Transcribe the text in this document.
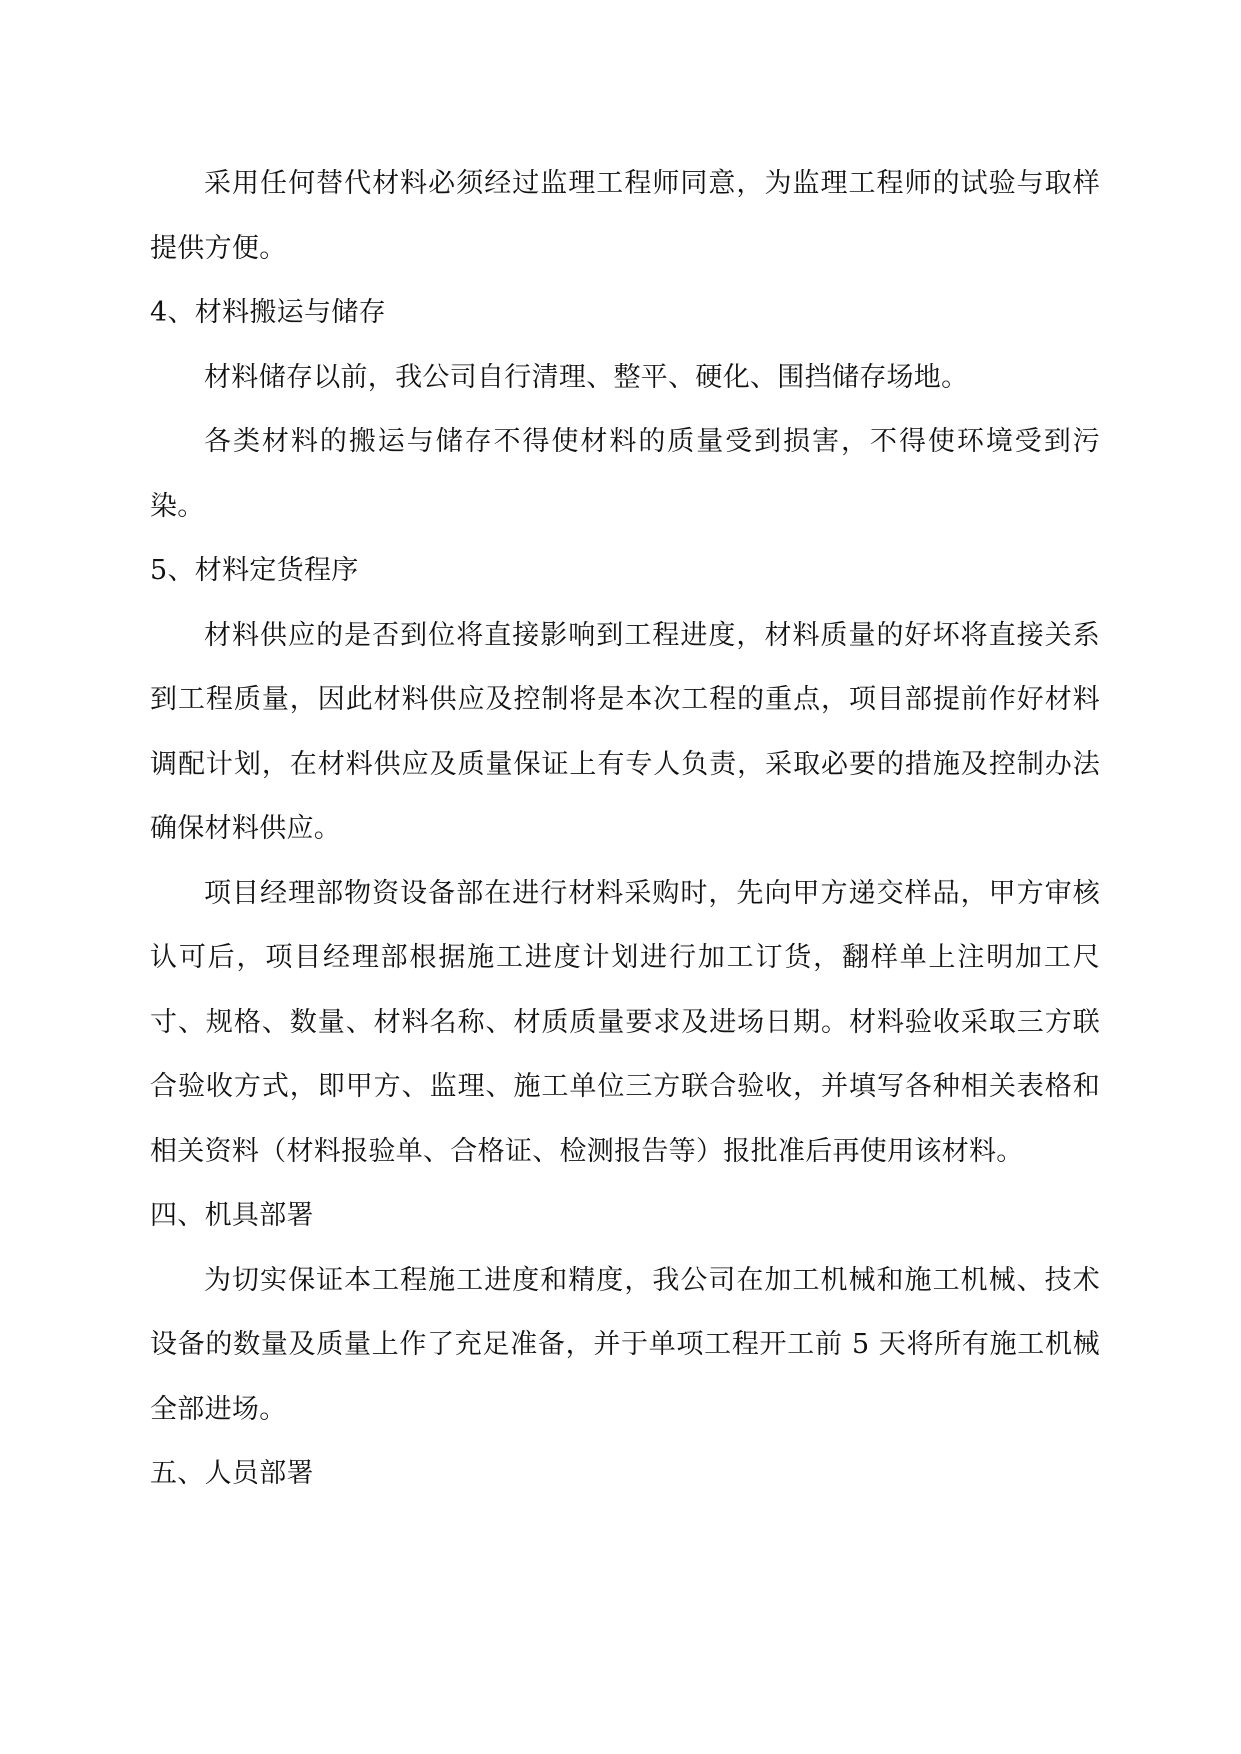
采用任何替代材料必须经过监理工程师同意，为监理工程师的试验与取样提供方便。

4、材料搬运与储存

材料储存以前，我公司自行清理、整平、硬化、围挡储存场地。

各类材料的搬运与储存不得使材料的质量受到损害，不得使环境受到污染。

5、材料定货程序

材料供应的是否到位将直接影响到工程进度，材料质量的好坏将直接关系到工程质量，因此材料供应及控制将是本次工程的重点，项目部提前作好材料调配计划，在材料供应及质量保证上有专人负责，采取必要的措施及控制办法确保材料供应。

项目经理部物资设备部在进行材料采购时，先向甲方递交样品，甲方审核认可后，项目经理部根据施工进度计划进行加工订货，翻样单上注明加工尺寸、规格、数量、材料名称、材质质量要求及进场日期。材料验收采取三方联合验收方式，即甲方、监理、施工单位三方联合验收，并填写各种相关表格和相关资料（材料报验单、合格证、检测报告等）报批准后再使用该材料。

四、机具部署

为切实保证本工程施工进度和精度，我公司在加工机械和施工机械、技术设备的数量及质量上作了充足准备，并于单项工程开工前 5 天将所有施工机械全部进场。

五、人员部署
